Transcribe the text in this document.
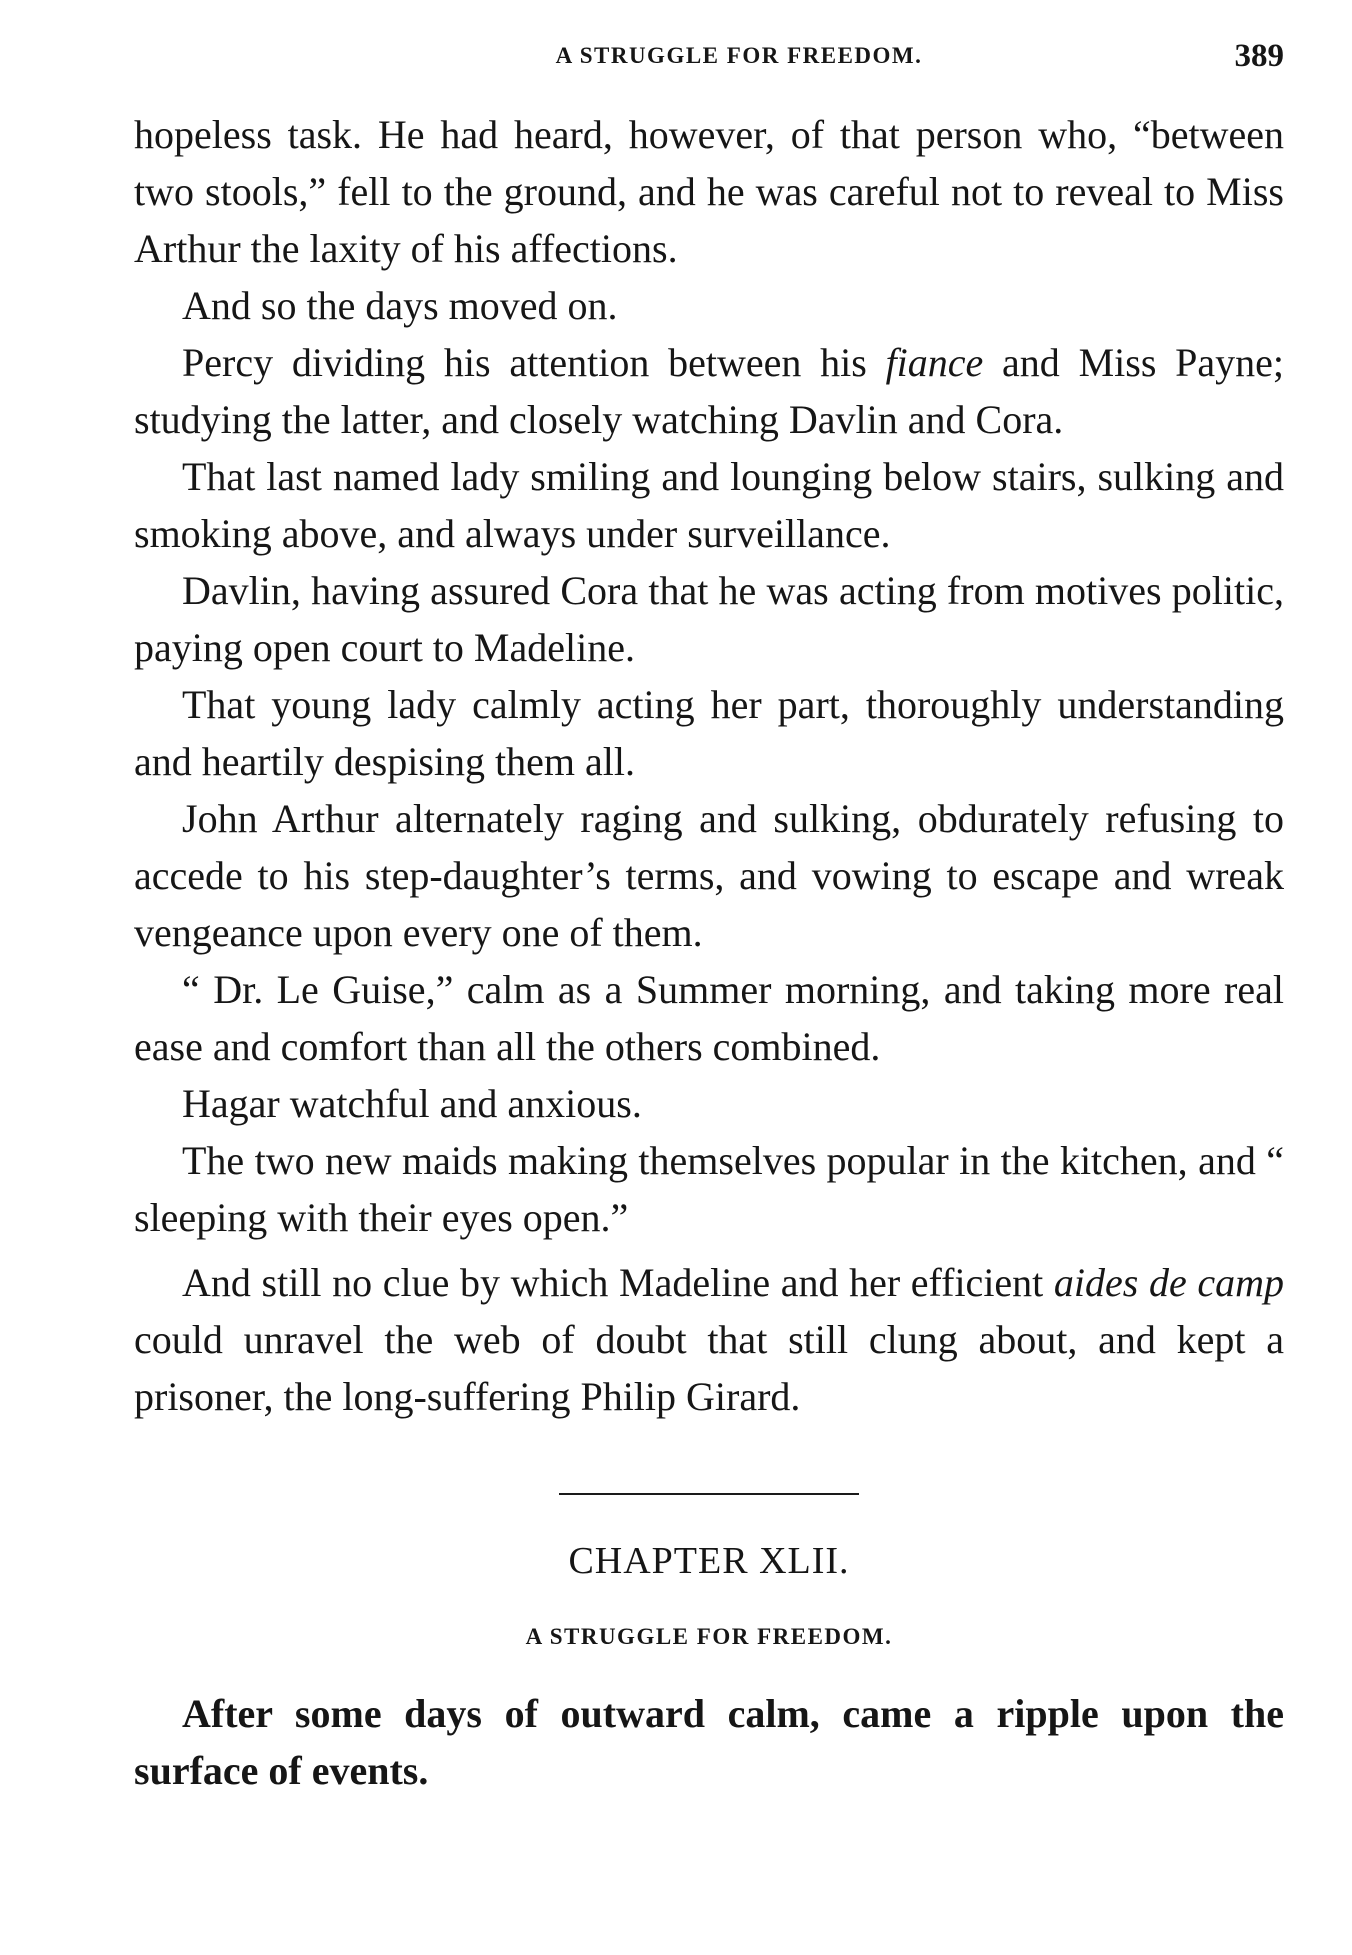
A STRUGGLE FOR FREEDOM.	389

hopeless task. He had heard, however, of that person who, “between two stools,” fell to the ground, and he was careful not to reveal to Miss Arthur the laxity of his affections.

And so the days moved on.

Percy dividing his attention between his fiance and Miss Payne; studying the latter, and closely watching Davlin and Cora.

That last named lady smiling and lounging below stairs, sulking and smoking above, and always under surveillance.

Davlin, having assured Cora that he was acting from motives politic, paying open court to Madeline.

That young lady calmly acting her part, thoroughly understanding and heartily despising them all.

John Arthur alternately raging and sulking, obdurately refusing to accede to his step-daughter’s terms, and vowing to escape and wreak vengeance upon every one of them.

“ Dr. Le Guise,” calm as a Summer morning, and taking more real ease and comfort than all the others combined.

Hagar watchful and anxious.

The two new maids making themselves popular in the kitchen, and “ sleeping with their eyes open.”

And still no clue by which Madeline and her efficient aides de camp could unravel the web of doubt that still clung about, and kept a prisoner, the long-suffering Philip Girard.

CHAPTER XLII.
A STRUGGLE FOR FREEDOM.

After some days of outward calm, came a ripple upon the surface of events.
